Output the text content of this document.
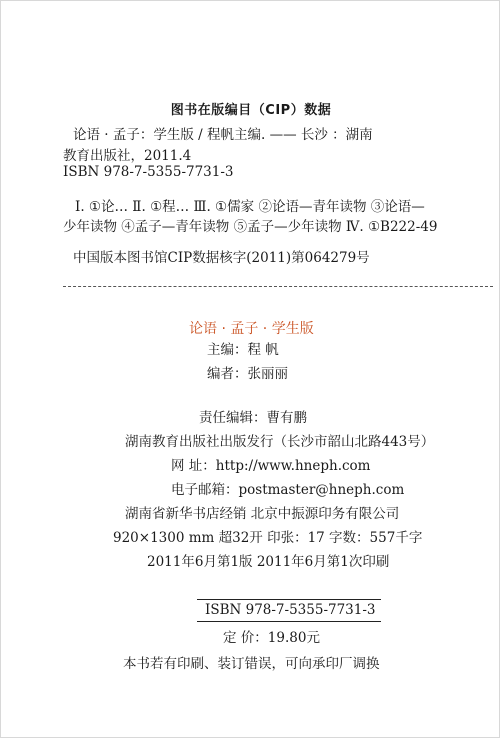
图书在版编目（CIP）数据
论语 · 孟子：学生版 / 程帆主编. —— 长沙 ：湖南
教育出版社，2011.4
ISBN 978-7-5355-7731-3
Ⅰ. ①论… Ⅱ. ①程… Ⅲ. ①儒家 ②论语—青年读物 ③论语—
少年读物 ④孟子—青年读物 ⑤孟子—少年读物 Ⅳ. ①B222-49
中国版本图书馆CIP数据核字(2011)第064279号
论语 · 孟子 · 学生版
主编：程 帆
编者：张丽丽
责任编辑：曹有鹏
湖南教育出版社出版发行（长沙市韶山北路443号）
网 址：http://www.hneph.com
电子邮箱：postmaster@hneph.com
湖南省新华书店经销 北京中振源印务有限公司
920×1300 mm 超32开 印张：17 字数：557千字
2011年6月第1版 2011年6月第1次印刷
ISBN 978-7-5355-7731-3
定 价：19.80元
本书若有印刷、装订错误，可向承印厂调换
